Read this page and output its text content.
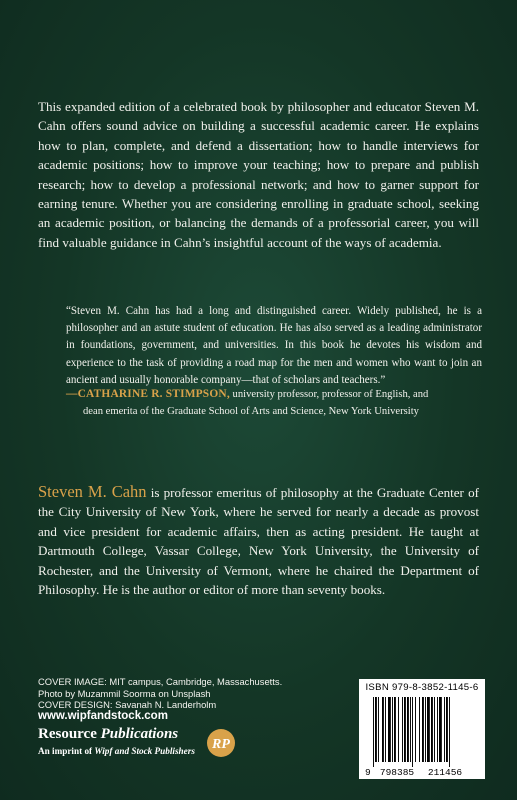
This expanded edition of a celebrated book by philosopher and educator Steven M. Cahn offers sound advice on building a successful academic career. He explains how to plan, complete, and defend a dissertation; how to handle interviews for academic positions; how to improve your teaching; how to prepare and publish research; how to develop a professional network; and how to garner support for earning tenure. Whether you are considering enrolling in graduate school, seeking an academic position, or balancing the demands of a professorial career, you will find valuable guidance in Cahn’s insightful account of the ways of academia.
“Steven M. Cahn has had a long and distinguished career. Widely published, he is a philosopher and an astute student of education. He has also served as a leading administrator in foundations, government, and universities. In this book he devotes his wisdom and experience to the task of providing a road map for the men and women who want to join an ancient and usually honorable company—that of scholars and teachers.”
—CATHARINE R. STIMPSON, university professor, professor of English, and
dean emerita of the Graduate School of Arts and Science, New York University
Steven M. Cahn is professor emeritus of philosophy at the Graduate Center of the City University of New York, where he served for nearly a decade as provost and vice president for academic affairs, then as acting president. He taught at Dartmouth College, Vassar College, New York University, the University of Rochester, and the University of Vermont, where he chaired the Department of Philosophy. He is the author or editor of more than seventy books.
COVER IMAGE: MIT campus, Cambridge, Massachusetts.
Photo by Muzammil Soorma on Unsplash
COVER DESIGN: Savanah N. Landerholm
www.wipfandstock.com
Resource Publications
An imprint of Wipf and Stock Publishers RP
ISBN 979-8-3852-1145-6
9 798385 211456
